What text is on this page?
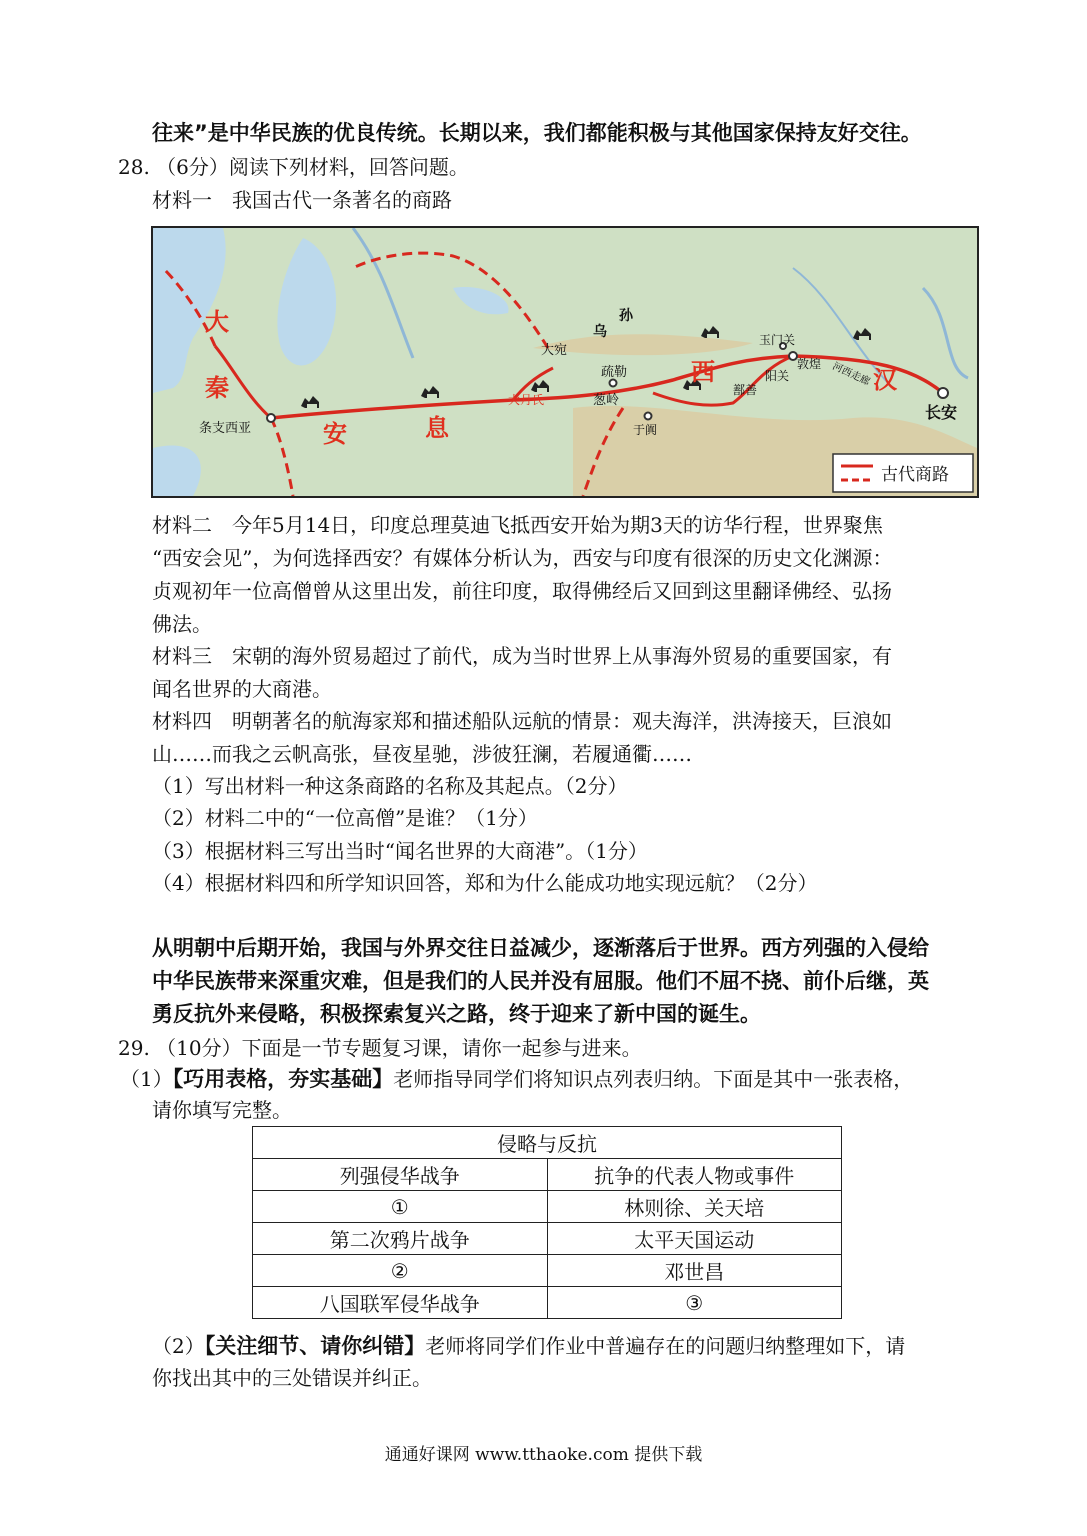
往来”是中华民族的优良传统。长期以来，我们都能积极与其他国家保持友好交往。
28. （6分）阅读下列材料，回答问题。
材料一　我国古代一条著名的商路
大
秦
安	息
西	汉
大宛
乌
孙
玉门关
敦煌
阳关	河西走廊
疏勒
葱岭
大月氏
鄯善
于阗
条支西亚
长安
古代商路
材料二　今年5月14日，印度总理莫迪飞抵西安开始为期3天的访华行程，世界聚焦
“西安会见”，为何选择西安？有媒体分析认为，西安与印度有很深的历史文化渊源：
贞观初年一位高僧曾从这里出发，前往印度，取得佛经后又回到这里翻译佛经、弘扬
佛法。
材料三　宋朝的海外贸易超过了前代，成为当时世界上从事海外贸易的重要国家，有
闻名世界的大商港。
材料四　明朝著名的航海家郑和描述船队远航的情景：观夫海洋，洪涛接天，巨浪如
山……而我之云帆高张，昼夜星驰，涉彼狂澜，若履通衢……
（1）写出材料一种这条商路的名称及其起点。（2分）
（2）材料二中的“一位高僧”是谁？（1分）
（3）根据材料三写出当时“闻名世界的大商港”。（1分）
（4）根据材料四和所学知识回答，郑和为什么能成功地实现远航？（2分）
从明朝中后期开始，我国与外界交往日益减少，逐渐落后于世界。西方列强的入侵给
中华民族带来深重灾难，但是我们的人民并没有屈服。他们不屈不挠、前仆后继，英
勇反抗外来侵略，积极探索复兴之路，终于迎来了新中国的诞生。
29. （10分）下面是一节专题复习课，请你一起参与进来。
（1）【巧用表格，夯实基础】老师指导同学们将知识点列表归纳。下面是其中一张表格，
请你填写完整。
侵略与反抗	
列强侵华战争	抗争的代表人物或事件
①	林则徐、关天培
第二次鸦片战争	太平天国运动
②	邓世昌
八国联军侵华战争	③
（2）【关注细节、请你纠错】老师将同学们作业中普遍存在的问题归纳整理如下，请
你找出其中的三处错误并纠正。
通通好课网 www.tthaoke.com 提供下载
